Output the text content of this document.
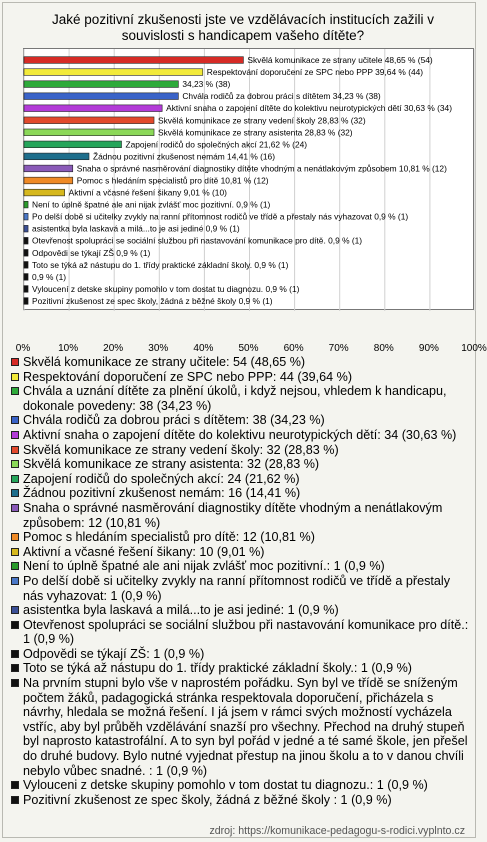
Jaké pozitivní zkušenosti jste ve vzdělávacích institucích zažili v
souvislosti s handicapem vašeho dítěte?
Skvělá komunikace ze strany učitele 48,65 % (54)
Respektování doporučení ze SPC nebo PPP 39,64 % (44)
34,23 % (38)
Chvála rodičů za dobrou práci s dítětem 34,23 % (38)
Aktivní snaha o zapojení dítěte do kolektivu neurotypických dětí 30,63 % (34)
Skvělá komunikace ze strany vedení školy 28,83 % (32)
Skvělá komunikace ze strany asistenta 28,83 % (32)
Zapojení rodičů do společných akcí 21,62 % (24)
Žádnou pozitivní zkušenost nemám 14,41 % (16)
Snaha o správné nasměrování diagnostiky dítěte vhodným a nenátlakovým způsobem 10,81 % (12)
Pomoc s hledáním specialistů pro dítě 10,81 % (12)
Aktivní a včasné řešení šikany 9,01 % (10)
Není to úplně špatné ale ani nijak zvlášť moc pozitivní. 0,9 % (1)
Po delší době si učitelky zvykly na ranní přítomnost rodičů ve třídě a přestaly nás vyhazovat 0,9 % (1)
asistentka byla laskavá a milá...to je asi jediné 0,9 % (1)
Otevřenost spolupráci se sociální službou při nastavování komunikace pro dítě. 0,9 % (1)
Odpovědi se týkají ZŠ 0,9 % (1)
Toto se týká až nástupu do 1. třídy praktické základní školy. 0,9 % (1)
0,9 % (1)
Vyloucení z detske skupiny pomohlo v tom dostat tu diagnozu. 0,9 % (1)
Pozitivní zkušenost ze spec školy, žádná z běžné školy 0,9 % (1)
0%	10%	20%	30%	40%	50%	60%	70%	80%	90% 100%
Skvělá komunikace ze strany učitele: 54 (48,65 %)
Respektování doporučení ze SPC nebo PPP: 44 (39,64 %)
Chvála a uznání dítěte za plnění úkolů, i když nejsou, vhledem k handicapu, dokonale povedeny: 38 (34,23 %)
Chvála rodičů za dobrou práci s dítětem: 38 (34,23 %)
Aktivní snaha o zapojení dítěte do kolektivu neurotypických dětí: 34 (30,63 %)
Skvělá komunikace ze strany vedení školy: 32 (28,83 %)
Skvělá komunikace ze strany asistenta: 32 (28,83 %)
Zapojení rodičů do společných akcí: 24 (21,62 %)
Žádnou pozitivní zkušenost nemám: 16 (14,41 %)
Snaha o správné nasměrování diagnostiky dítěte vhodným a nenátlakovým způsobem: 12 (10,81 %)
Pomoc s hledáním specialistů pro dítě: 12 (10,81 %)
Aktivní a včasné řešení šikany: 10 (9,01 %)
Není to úplně špatné ale ani nijak zvlášť moc pozitivní.: 1 (0,9 %)
Po delší době si učitelky zvykly na ranní přítomnost rodičů ve třídě a přestaly nás vyhazovat: 1 (0,9 %)
asistentka byla laskavá a milá...to je asi jediné: 1 (0,9 %)
Otevřenost spolupráci se sociální službou při nastavování komunikace pro dítě.: 1 (0,9 %)
Odpovědi se týkají ZŠ: 1 (0,9 %)
Toto se týká až nástupu do 1. třídy praktické základní školy.: 1 (0,9 %)
Na prvním stupni bylo vše v naprostém pořádku. Syn byl ve třídě se sníženým počtem žáků, padagogická stránka respektovala doporučení, přicházela s návrhy, hledala se možná řešení. I já jsem v rámci svých možností vycházela vstříc, aby byl průběh vzdělávání snazší pro všechny. Přechod na druhý stupeň byl naprosto katastrofální. A to syn byl pořád v jedné a té samé škole, jen přešel do druhé budovy. Bylo nutné vyjednat přestup na jinou školu a to v danou chvíli nebylo vůbec snadné. : 1 (0,9 %)
Vylouceni z detske skupiny pomohlo v tom dostat tu diagnozu.: 1 (0,9 %)
Pozitivní zkušenost ze spec školy, žádná z běžné školy : 1 (0,9 %)
zdroj: https://komunikace-pedagogu-s-rodici.vyplnto.cz
